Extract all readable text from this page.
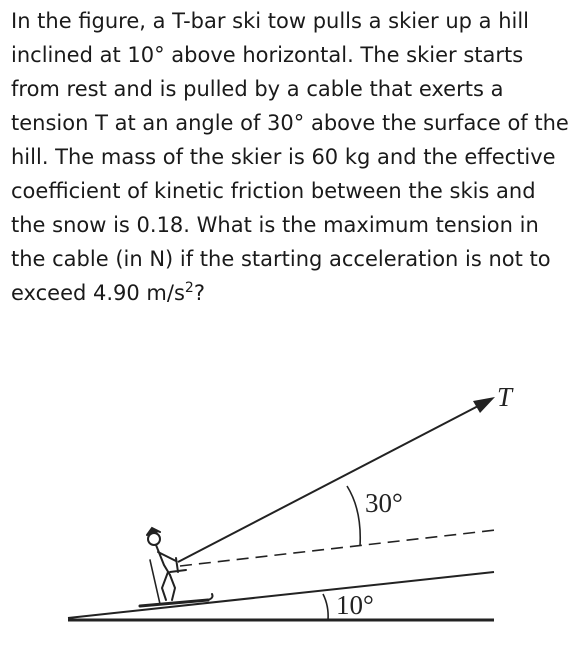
In the figure, a T-bar ski tow pulls a skier up a hill inclined at 10° above horizontal. The skier starts from rest and is pulled by a cable that exerts a tension T at an angle of 30° above the surface of the hill. The mass of the skier is 60 kg and the effective coefficient of kinetic friction between the skis and the snow is 0.18. What is the maximum tension in the cable (in N) if the starting acceleration is not to exceed 4.90 $m/s^2$?

T
30°
10°
